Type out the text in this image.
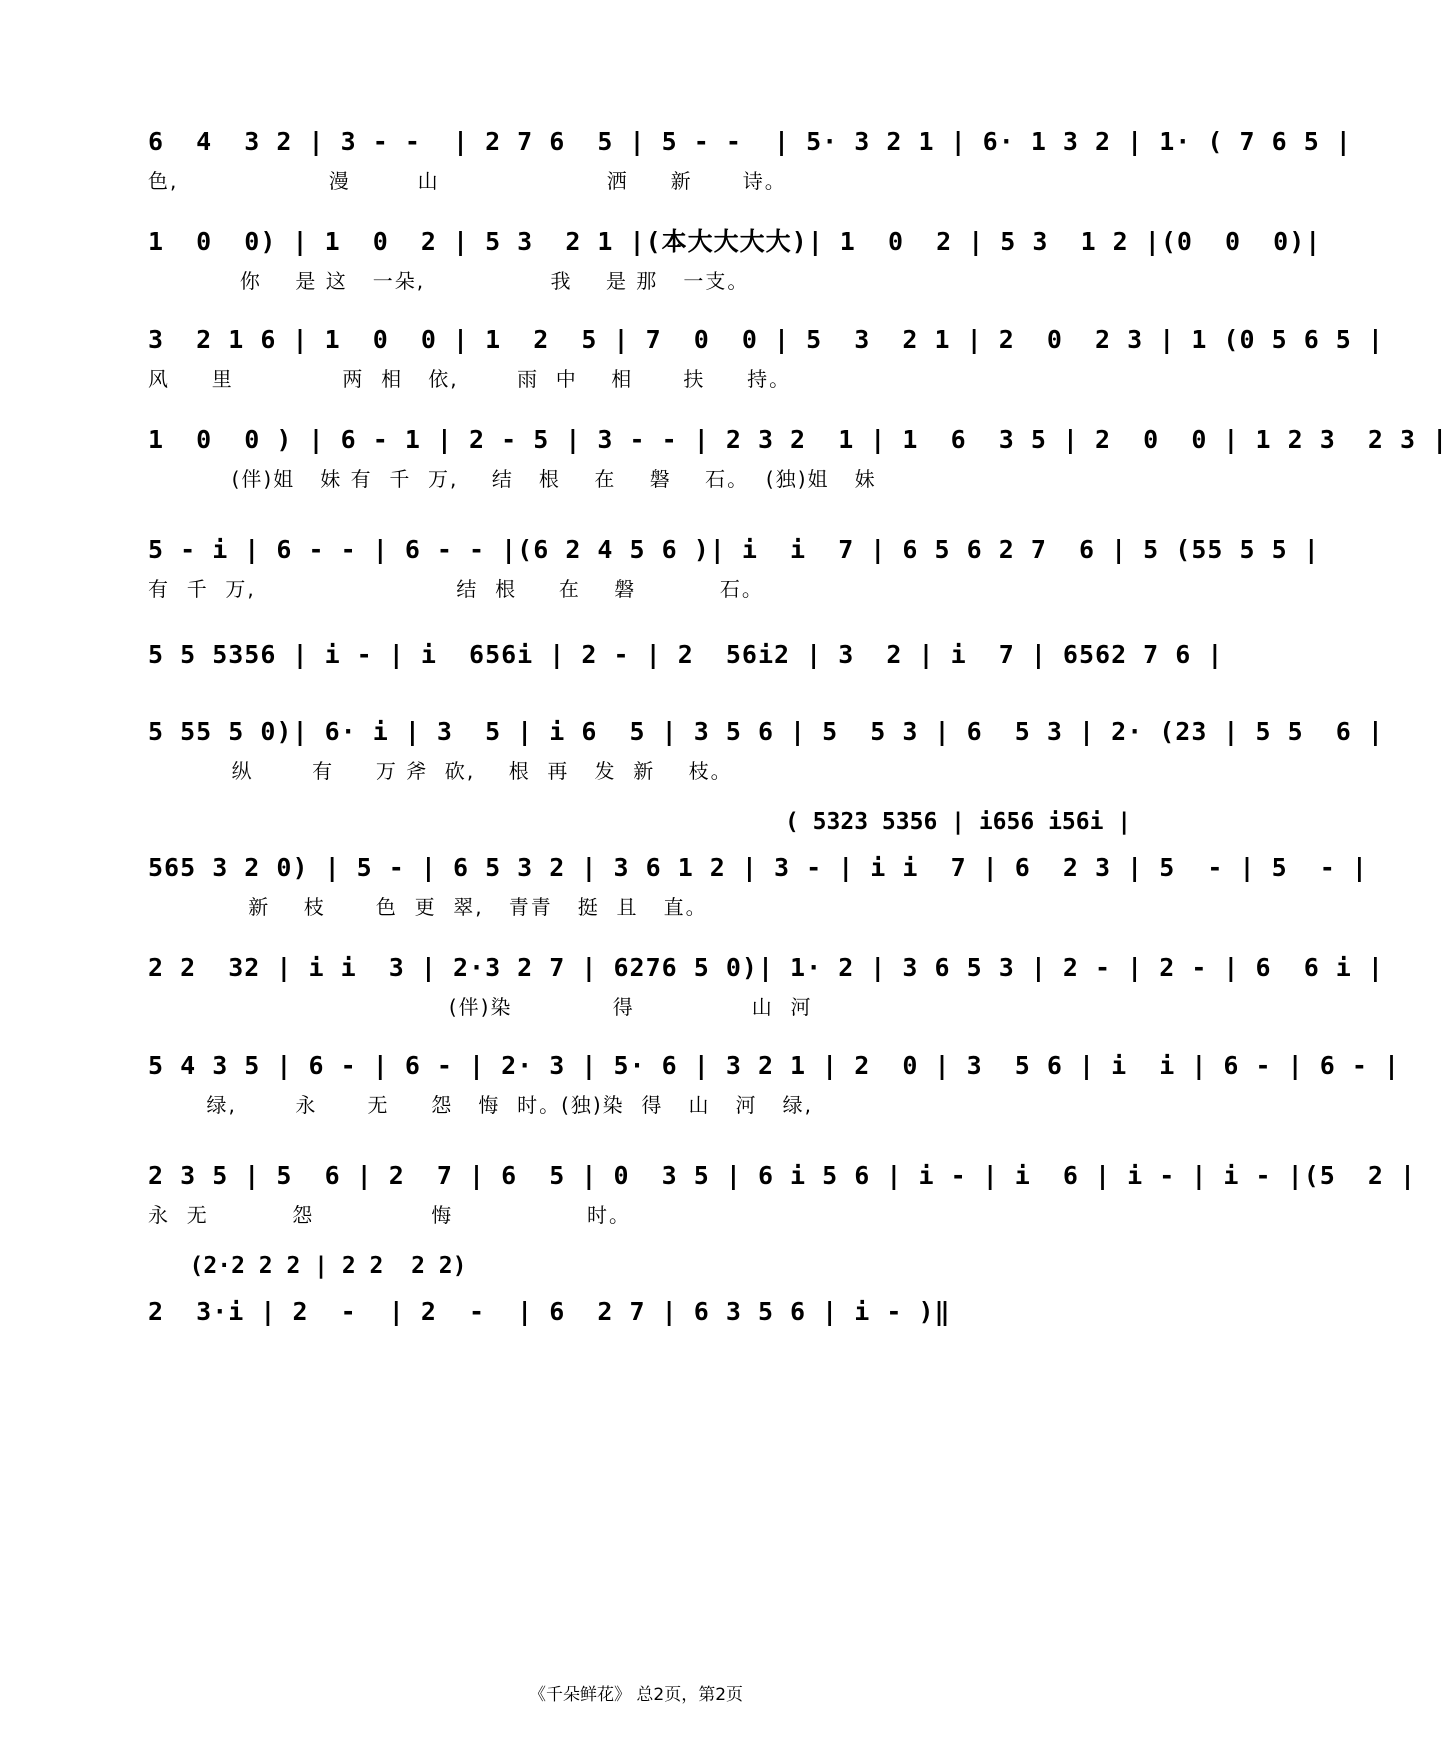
6  4  3 2 | 3 - -  | 2 7 6  5 | 5 - -  | 5· 3 2 1 | 6· 1 3 2 | 1· ( 7 6 5 |
色,                  漫        山                    洒     新      诗。
1  0  0) | 1  0  2 | 5 3  2 1 |(本大大大大)| 1  0  2 | 5 3  1 2 |(0  0  0)|
你    是 这   一朵,               我    是 那   一支。
3  2 1 6 | 1  0  0 | 1  2  5 | 7  0  0 | 5  3  2 1 | 2  0  2 3 | 1 (0 5 6 5 |
风     里             两  相   依,       雨  中    相      扶     持。
1  0  0 ) | 6 - 1 | 2 - 5 | 3 - - | 2 3 2  1 | 1  6  3 5 | 2  0  0 | 1 2 3  2 3 |
(伴)姐   妹 有  千  万,    结   根    在    磐    石。  (独)姐   妹
5 - i | 6 - - | 6 - - |(6 2 4 5 6 )| i  i  7 | 6 5 6 2 7  6 | 5 (55 5 5 |
有  千  万,                        结  根     在    磐          石。
5 5 5356 | i - | i  656i | 2 - | 2  56i2 | 3  2 | i  7 | 6562 7 6 |
5 55 5 0)| 6· i | 3  5 | i 6  5 | 3 5 6 | 5  5 3 | 6  5 3 | 2· (23 | 5 5  6 |
纵       有     万 斧  砍,    根  再   发  新    枝。
( 5323 5356 | i656 i56i |
565 3 2 0) | 5 - | 6 5 3 2 | 3 6 1 2 | 3 - | i i  7 | 6  2 3 | 5  - | 5  - |
新    枝      色  更  翠,   青青   挺  且   直。
2 2  32 | i i  3 | 2·3 2 7 | 6276 5 0)| 1· 2 | 3 6 5 3 | 2 - | 2 - | 6  6 i |
(伴)染            得              山  河
5 4 3 5 | 6 - | 6 - | 2· 3 | 5· 6 | 3 2 1 | 2  0 | 3  5 6 | i  i | 6 - | 6 - |
绿,       永      无     怨   悔  时。(独)染  得   山   河   绿,
2 3 5 | 5  6 | 2  7 | 6  5 | 0  3 5 | 6 i 5 6 | i - | i  6 | i - | i - |(5  2 |
永  无          怨              悔                时。
(2·2 2 2 | 2 2  2 2)
2  3·i | 2  -  | 2  -  | 6  2 7 | 6 3 5 6 | i - )‖
《千朵鲜花》 总2页，第2页
